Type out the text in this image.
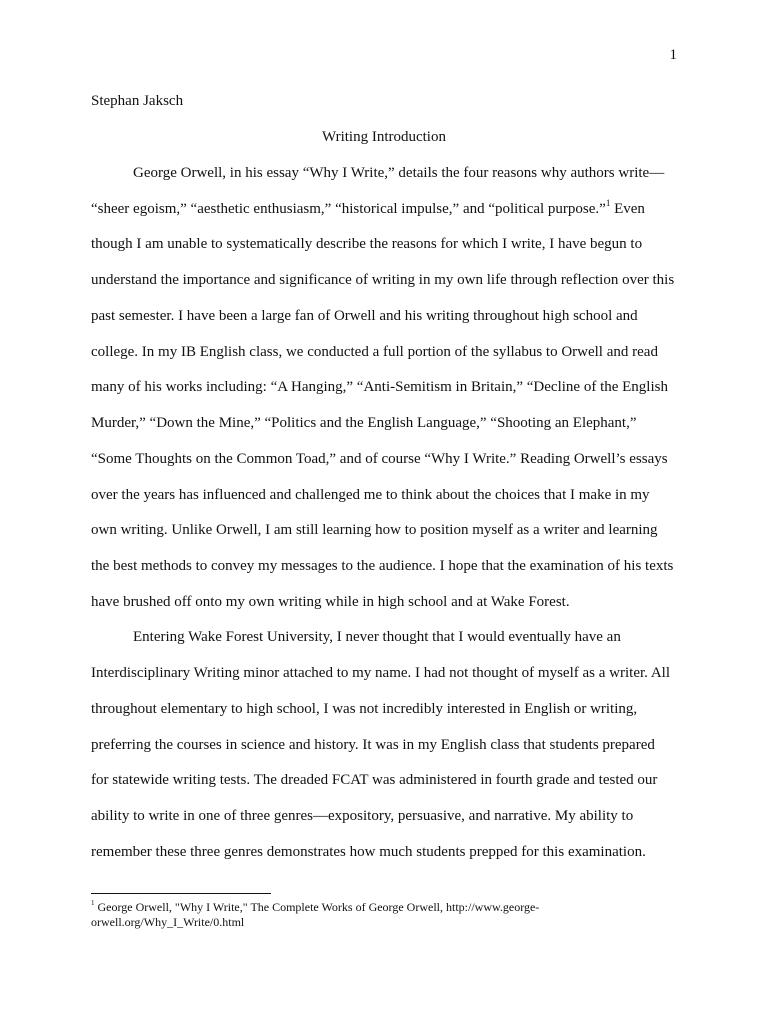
1
Stephan Jaksch
Writing Introduction
George Orwell, in his essay “Why I Write,” details the four reasons why authors write—
“sheer egoism,” “aesthetic enthusiasm,” “historical impulse,” and “political purpose.”$^1$ Even
though I am unable to systematically describe the reasons for which I write, I have begun to
understand the importance and significance of writing in my own life through reflection over this
past semester. I have been a large fan of Orwell and his writing throughout high school and
college. In my IB English class, we conducted a full portion of the syllabus to Orwell and read
many of his works including: “A Hanging,” “Anti-Semitism in Britain,” “Decline of the English
Murder,” “Down the Mine,” “Politics and the English Language,” “Shooting an Elephant,”
“Some Thoughts on the Common Toad,” and of course “Why I Write.” Reading Orwell’s essays
over the years has influenced and challenged me to think about the choices that I make in my
own writing. Unlike Orwell, I am still learning how to position myself as a writer and learning
the best methods to convey my messages to the audience. I hope that the examination of his texts
have brushed off onto my own writing while in high school and at Wake Forest.
Entering Wake Forest University, I never thought that I would eventually have an
Interdisciplinary Writing minor attached to my name. I had not thought of myself as a writer. All
throughout elementary to high school, I was not incredibly interested in English or writing,
preferring the courses in science and history. It was in my English class that students prepared
for statewide writing tests. The dreaded FCAT was administered in fourth grade and tested our
ability to write in one of three genres—expository, persuasive, and narrative. My ability to
remember these three genres demonstrates how much students prepped for this examination.
$^1$ George Orwell, "Why I Write," The Complete Works of George Orwell, http://www.george-
orwell.org/Why_I_Write/0.html
